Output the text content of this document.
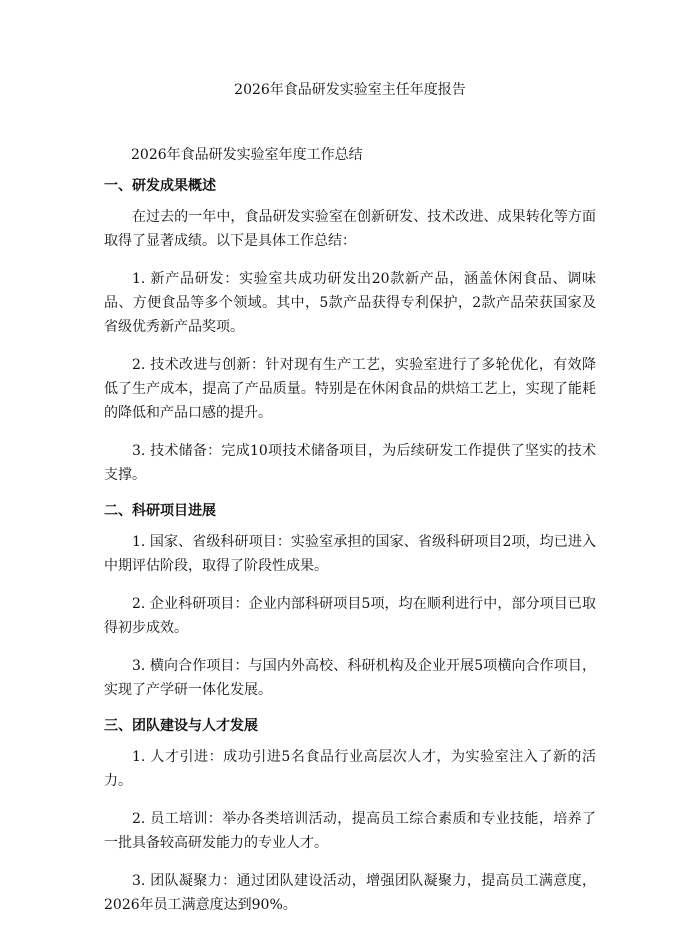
2026年食品研发实验室主任年度报告

2026年食品研发实验室年度工作总结

一、研发成果概述

在过去的一年中，食品研发实验室在创新研发、技术改进、成果转化等方面取得了显著成绩。以下是具体工作总结：

1. 新产品研发：实验室共成功研发出20款新产品，涵盖休闲食品、调味品、方便食品等多个领域。其中，5款产品获得专利保护，2款产品荣获国家及省级优秀新产品奖项。

2. 技术改进与创新：针对现有生产工艺，实验室进行了多轮优化，有效降低了生产成本，提高了产品质量。特别是在休闲食品的烘焙工艺上，实现了能耗的降低和产品口感的提升。

3. 技术储备：完成10项技术储备项目，为后续研发工作提供了坚实的技术支撑。

二、科研项目进展

1. 国家、省级科研项目：实验室承担的国家、省级科研项目2项，均已进入中期评估阶段，取得了阶段性成果。

2. 企业科研项目：企业内部科研项目5项，均在顺利进行中，部分项目已取得初步成效。

3. 横向合作项目：与国内外高校、科研机构及企业开展5项横向合作项目，实现了产学研一体化发展。

三、团队建设与人才发展

1. 人才引进：成功引进5名食品行业高层次人才，为实验室注入了新的活力。

2. 员工培训：举办各类培训活动，提高员工综合素质和专业技能，培养了一批具备较高研发能力的专业人才。

3. 团队凝聚力：通过团队建设活动，增强团队凝聚力，提高员工满意度，2026年员工满意度达到90%。
